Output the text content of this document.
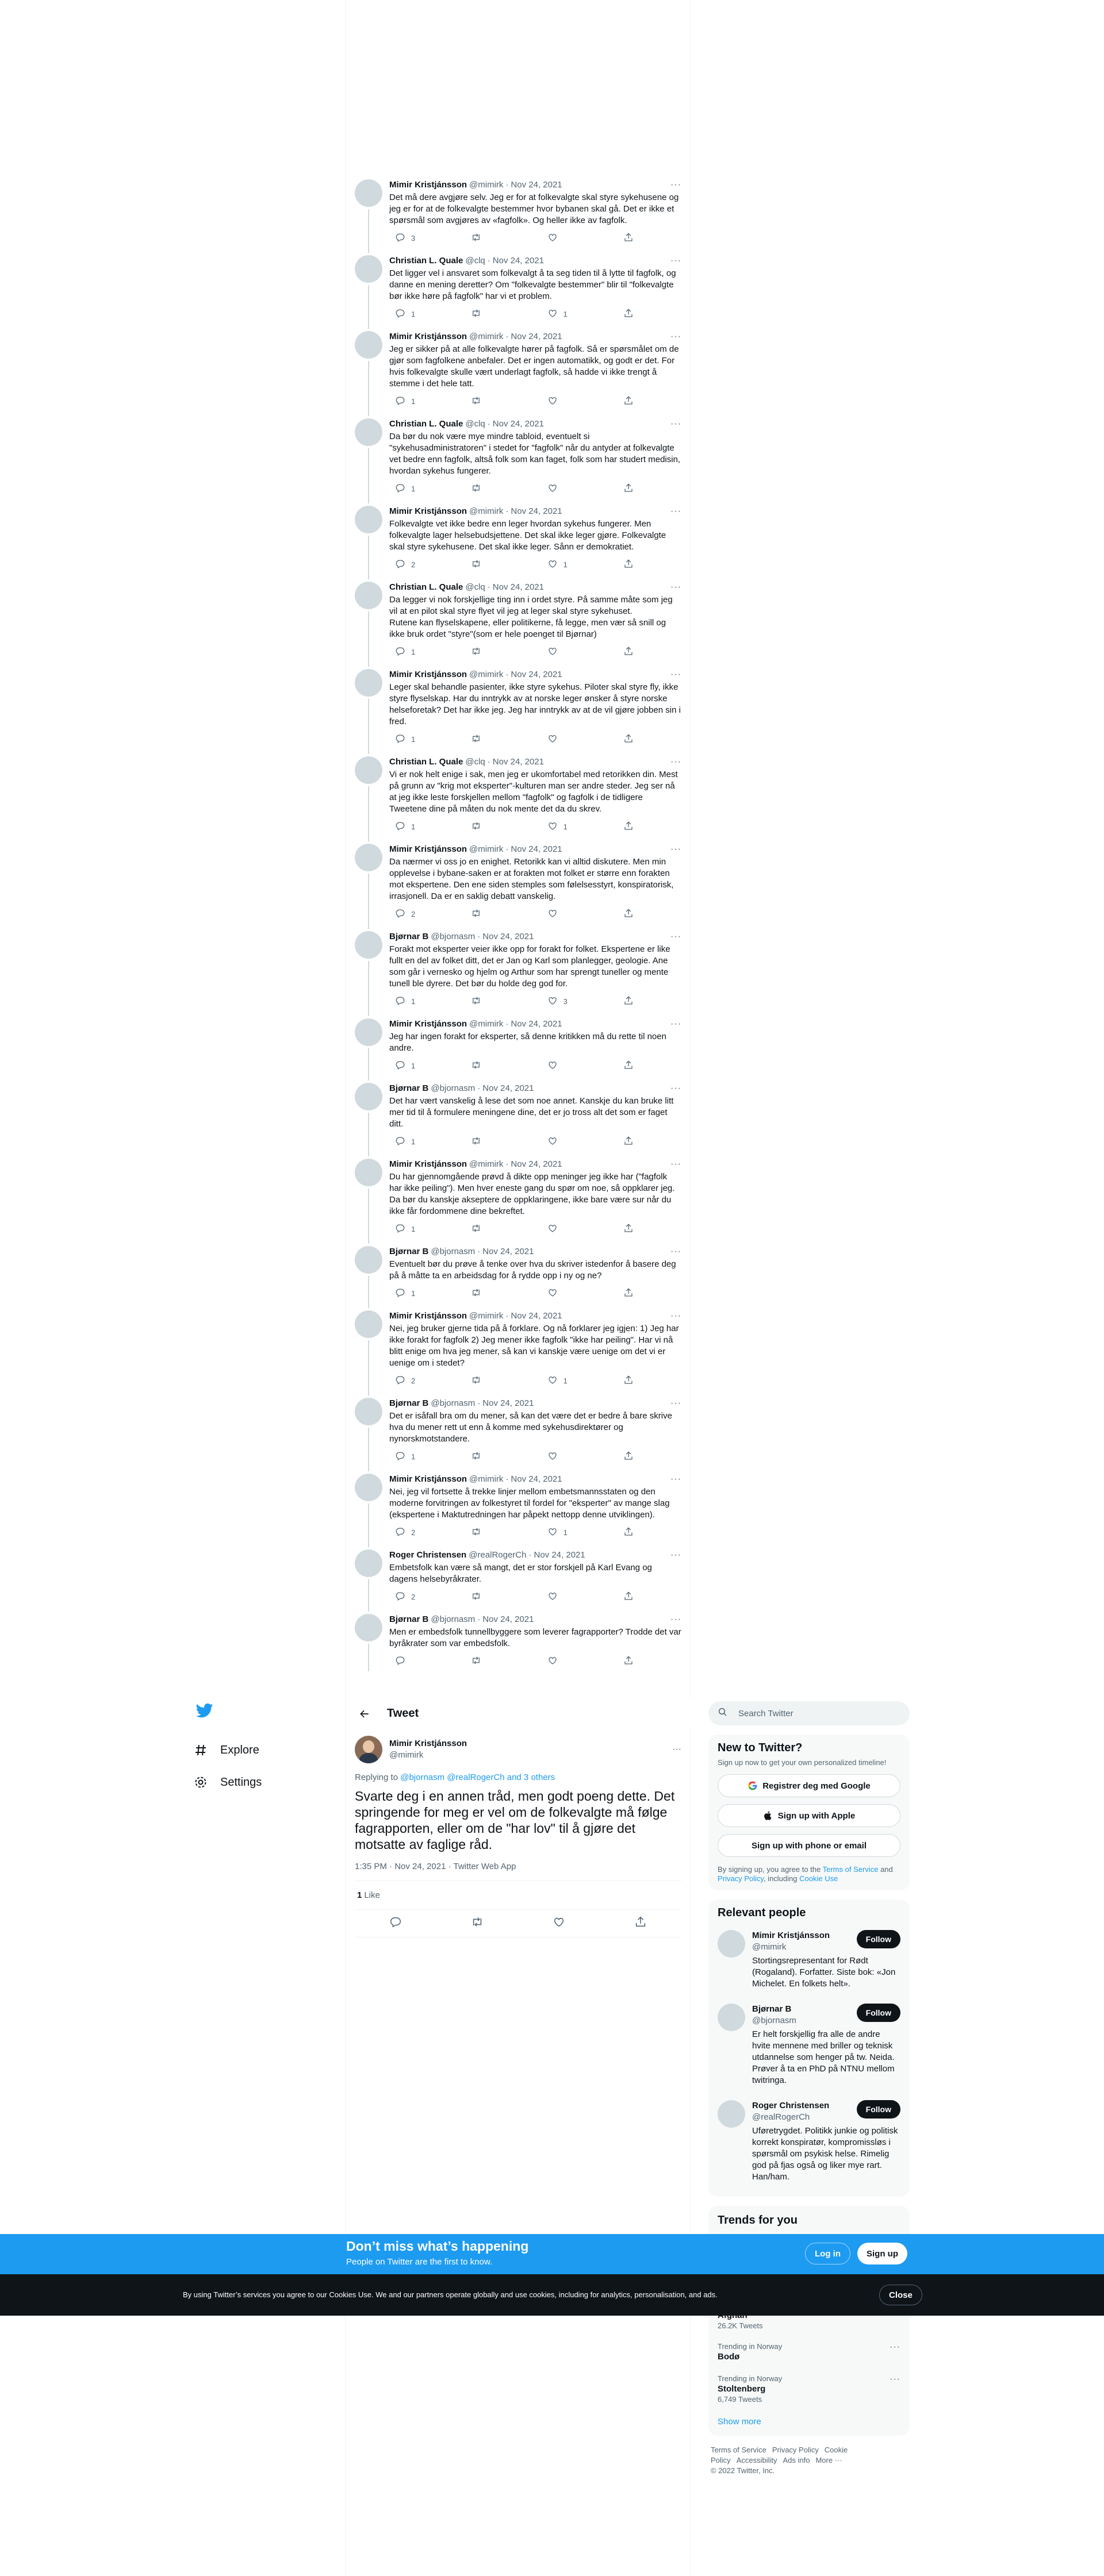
Explore
Settings
Mimir Kristjánsson @mimirk · Nov 24, 2021	···
Det må dere avgjøre selv. Jeg er for at folkevalgte skal styre sykehusene og jeg er for at de folkevalgte bestemmer hvor bybanen skal gå. Det er ikke et spørsmål som avgjøres av «fagfolk». Og heller ikke av fagfolk.
3
Christian L. Quale @clq · Nov 24, 2021	···
Det ligger vel i ansvaret som folkevalgt å ta seg tiden til å lytte til fagfolk, og danne en mening deretter? Om "folkevalgte bestemmer" blir til "folkevalgte bør ikke høre på fagfolk" har vi et problem.
1	1
Mimir Kristjánsson @mimirk · Nov 24, 2021	···
Jeg er sikker på at alle folkevalgte hører på fagfolk. Så er spørsmålet om de gjør som fagfolkene anbefaler. Det er ingen automatikk, og godt er det. For hvis folkevalgte skulle vært underlagt fagfolk, så hadde vi ikke trengt å stemme i det hele tatt.
1
Christian L. Quale @clq · Nov 24, 2021	···
Da bør du nok være mye mindre tabloid, eventuelt si "sykehusadministratoren" i stedet for "fagfolk" når du antyder at folkevalgte vet bedre enn fagfolk, altså folk som kan faget, folk som har studert medisin, hvordan sykehus fungerer.
1
Mimir Kristjánsson @mimirk · Nov 24, 2021	···
Folkevalgte vet ikke bedre enn leger hvordan sykehus fungerer. Men folkevalgte lager helsebudsjettene. Det skal ikke leger gjøre. Folkevalgte skal styre sykehusene. Det skal ikke leger. Sånn er demokratiet.
2	1
Christian L. Quale @clq · Nov 24, 2021	···
Da legger vi nok forskjellige ting inn i ordet styre. På samme måte som jeg vil at en pilot skal styre flyet vil jeg at leger skal styre sykehuset.
Rutene kan flyselskapene, eller politikerne, få legge, men vær så snill og ikke bruk ordet "styre"(som er hele poenget til Bjørnar)
1
Mimir Kristjánsson @mimirk · Nov 24, 2021	···
Leger skal behandle pasienter, ikke styre sykehus. Piloter skal styre fly, ikke styre flyselskap. Har du inntrykk av at norske leger ønsker å styre norske helseforetak? Det har ikke jeg. Jeg har inntrykk av at de vil gjøre jobben sin i fred.
1
Christian L. Quale @clq · Nov 24, 2021	···
Vi er nok helt enige i sak, men jeg er ukomfortabel med retorikken din. Mest på grunn av "krig mot eksperter"-kulturen man ser andre steder. Jeg ser nå at jeg ikke leste forskjellen mellom "fagfolk" og fagfolk i de tidligere Tweetene dine på måten du nok mente det da du skrev.
1	1
Mimir Kristjánsson @mimirk · Nov 24, 2021	···
Da nærmer vi oss jo en enighet. Retorikk kan vi alltid diskutere. Men min opplevelse i bybane-saken er at forakten mot folket er større enn forakten mot ekspertene. Den ene siden stemples som følelsesstyrt, konspiratorisk, irrasjonell. Da er en saklig debatt vanskelig.
2
Bjørnar B @bjornasm · Nov 24, 2021	···
Forakt mot eksperter veier ikke opp for forakt for folket. Ekspertene er like fullt en del av folket ditt, det er Jan og Karl som planlegger, geologie. Ane som går i vernesko og hjelm og Arthur som har sprengt tuneller og mente tunell ble dyrere. Det bør du holde deg god for.
1	3
Mimir Kristjánsson @mimirk · Nov 24, 2021	···
Jeg har ingen forakt for eksperter, så denne kritikken må du rette til noen andre.
1
Bjørnar B @bjornasm · Nov 24, 2021	···
Det har vært vanskelig å lese det som noe annet. Kanskje du kan bruke litt mer tid til å formulere meningene dine, det er jo tross alt det som er faget ditt.
1
Mimir Kristjánsson @mimirk · Nov 24, 2021	···
Du har gjennomgående prøvd å dikte opp meninger jeg ikke har ("fagfolk har ikke peiling"). Men hver eneste gang du spør om noe, så oppklarer jeg. Da bør du kanskje akseptere de oppklaringene, ikke bare være sur når du ikke får fordommene dine bekreftet.
1
Bjørnar B @bjornasm · Nov 24, 2021	···
Eventuelt bør du prøve å tenke over hva du skriver istedenfor å basere deg på å måtte ta en arbeidsdag for å rydde opp i ny og ne?
1
Mimir Kristjánsson @mimirk · Nov 24, 2021	···
Nei, jeg bruker gjerne tida på å forklare. Og nå forklarer jeg igjen: 1) Jeg har ikke forakt for fagfolk 2) Jeg mener ikke fagfolk "ikke har peiling". Har vi nå blitt enige om hva jeg mener, så kan vi kanskje være uenige om det vi er uenige om i stedet?
2	1
Bjørnar B @bjornasm · Nov 24, 2021	···
Det er isåfall bra om du mener, så kan det være det er bedre å bare skrive hva du mener rett ut enn å komme med sykehusdirektører og nynorskmotstandere.
1
Mimir Kristjánsson @mimirk · Nov 24, 2021	···
Nei, jeg vil fortsette å trekke linjer mellom embetsmannsstaten og den moderne forvitringen av folkestyret til fordel for "eksperter" av mange slag (ekspertene i Maktutredningen har påpekt nettopp denne utviklingen).
2	1
Roger Christensen @realRogerCh · Nov 24, 2021	···
Embetsfolk kan være så mangt, det er stor forskjell på Karl Evang og dagens helsebyråkrater.
2
Bjørnar B @bjornasm · Nov 24, 2021	···
Men er embedsfolk tunnellbyggere som leverer fagrapporter? Trodde det var byråkrater som var embedsfolk.
Tweet
Mimir Kristjánsson
@mimirk
···
Replying to @bjornasm @realRogerCh and 3 others
Svarte deg i en annen tråd, men godt poeng dette. Det springende for meg er vel om de folkevalgte må følge fagrapporten, eller om de "har lov" til å gjøre det motsatte av faglige råd.
1:35 PM · Nov 24, 2021 · Twitter Web App
1 Like
Search Twitter
New to Twitter?
Sign up now to get your own personalized timeline!
Registrer deg med Google
Sign up with Apple
Sign up with phone or email
By signing up, you agree to the Terms of Service and Privacy Policy, including Cookie Use
Relevant people
Mimir Kristjánsson
@mimirk
Follow
Stortingsrepresentant for Rødt (Rogaland). Forfatter. Siste bok: «Jon Michelet. En folkets helt».
Bjørnar B
@bjornasm
Follow
Er helt forskjellig fra alle de andre hvite mennene med briller og teknisk utdannelse som henger på tw. Neida. Prøver å ta en PhD på NTNU mellom twitringa.
Roger Christensen
@realRogerCh
Follow
Uføretrygdet. Politikk junkie og politisk korrekt konspiratør, kompromissløs i spørsmål om psykisk helse. Rimelig god på fjas også og liker mye rart. Han/ham.
Trends for you
26.2K Tweets
Trending in Norway
Bodø
···
Trending in Norway
Stoltenberg
6,749 Tweets
···
Show more
Terms of Service Privacy Policy Cookie Policy Accessibility Ads info More ···
© 2022 Twitter, Inc.
Don’t miss what’s happening
People on Twitter are the first to know.
Log in	Sign up
By using Twitter’s services you agree to our Cookies Use. We and our partners operate globally and use cookies, including for analytics, personalisation, and ads.	Close
